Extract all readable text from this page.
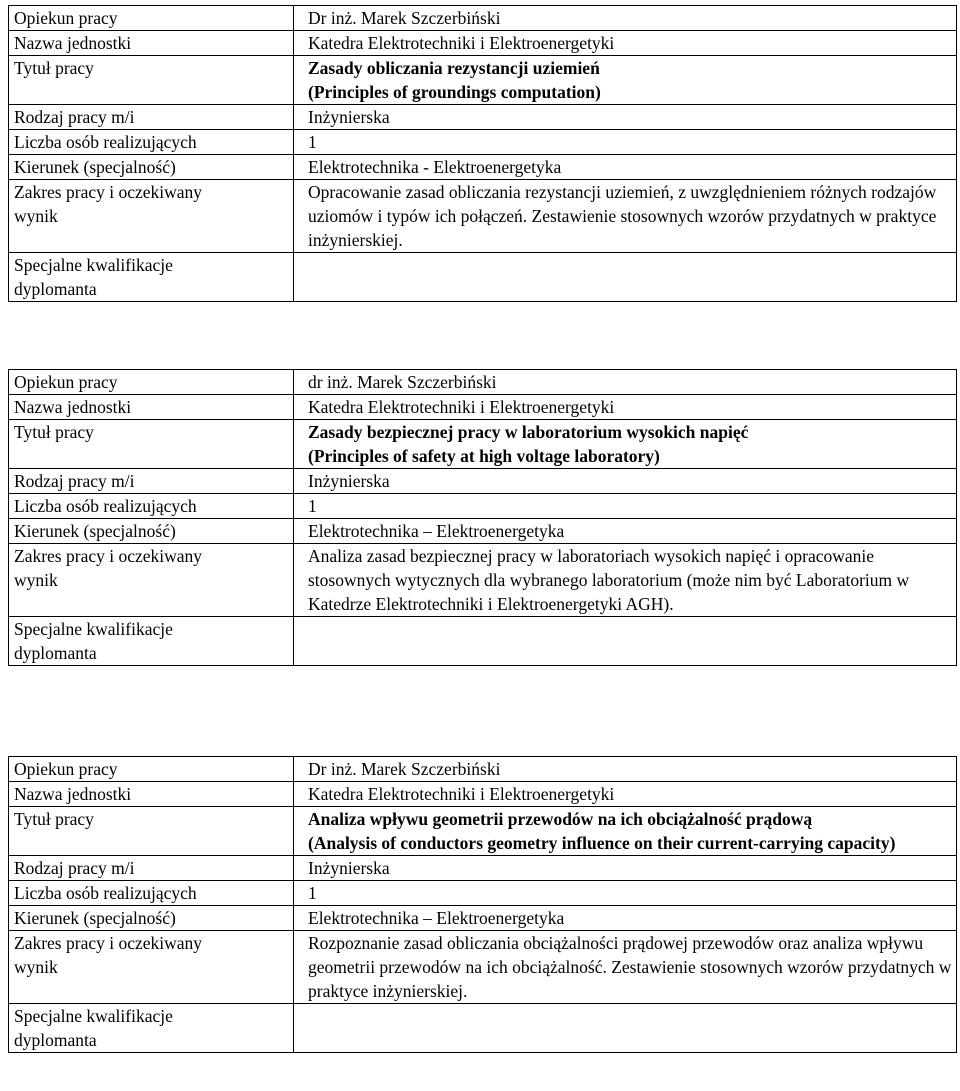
Opiekun pracy	Dr inż. Marek Szczerbiński
Nazwa jednostki	Katedra Elektrotechniki i Elektroenergetyki
Tytuł pracy	Zasady obliczania rezystancji uziemień
(Principles of groundings computation)

Rodzaj pracy m/i	Inżynierska
Liczba osób realizujących	1
Kierunek (specjalność)	Elektrotechnika - Elektroenergetyka

Zakres pracy i oczekiwany
wynik	Opracowanie zasad obliczania rezystancji uziemień, z uwzględnieniem różnych rodzajów uziomów i typów ich połączeń. Zestawienie stosownych wzorów przydatnych w praktyce inżynierskiej.

Specjalne kwalifikacje
dyplomanta	

Opiekun pracy	dr inż. Marek Szczerbiński
Nazwa jednostki	Katedra Elektrotechniki i Elektroenergetyki
Tytuł pracy	Zasady bezpiecznej pracy w laboratorium wysokich napięć
(Principles of safety at high voltage laboratory)

Rodzaj pracy m/i	Inżynierska
Liczba osób realizujących	1
Kierunek (specjalność)	Elektrotechnika – Elektroenergetyka

Zakres pracy i oczekiwany
wynik	Analiza zasad bezpiecznej pracy w laboratoriach wysokich napięć i opracowanie stosownych wytycznych dla wybranego laboratorium (może nim być Laboratorium w Katedrze Elektrotechniki i Elektroenergetyki AGH).

Specjalne kwalifikacje
dyplomanta	

Opiekun pracy	Dr inż. Marek Szczerbiński
Nazwa jednostki	Katedra Elektrotechniki i Elektroenergetyki
Tytuł pracy	Analiza wpływu geometrii przewodów na ich obciążalność prądową
(Analysis of conductors geometry influence on their current-carrying capacity)

Rodzaj pracy m/i	Inżynierska
Liczba osób realizujących	1
Kierunek (specjalność)	Elektrotechnika – Elektroenergetyka

Zakres pracy i oczekiwany
wynik	Rozpoznanie zasad obliczania obciążalności prądowej przewodów oraz analiza wpływu geometrii przewodów na ich obciążalność. Zestawienie stosownych wzorów przydatnych w praktyce inżynierskiej.

Specjalne kwalifikacje
dyplomanta	
